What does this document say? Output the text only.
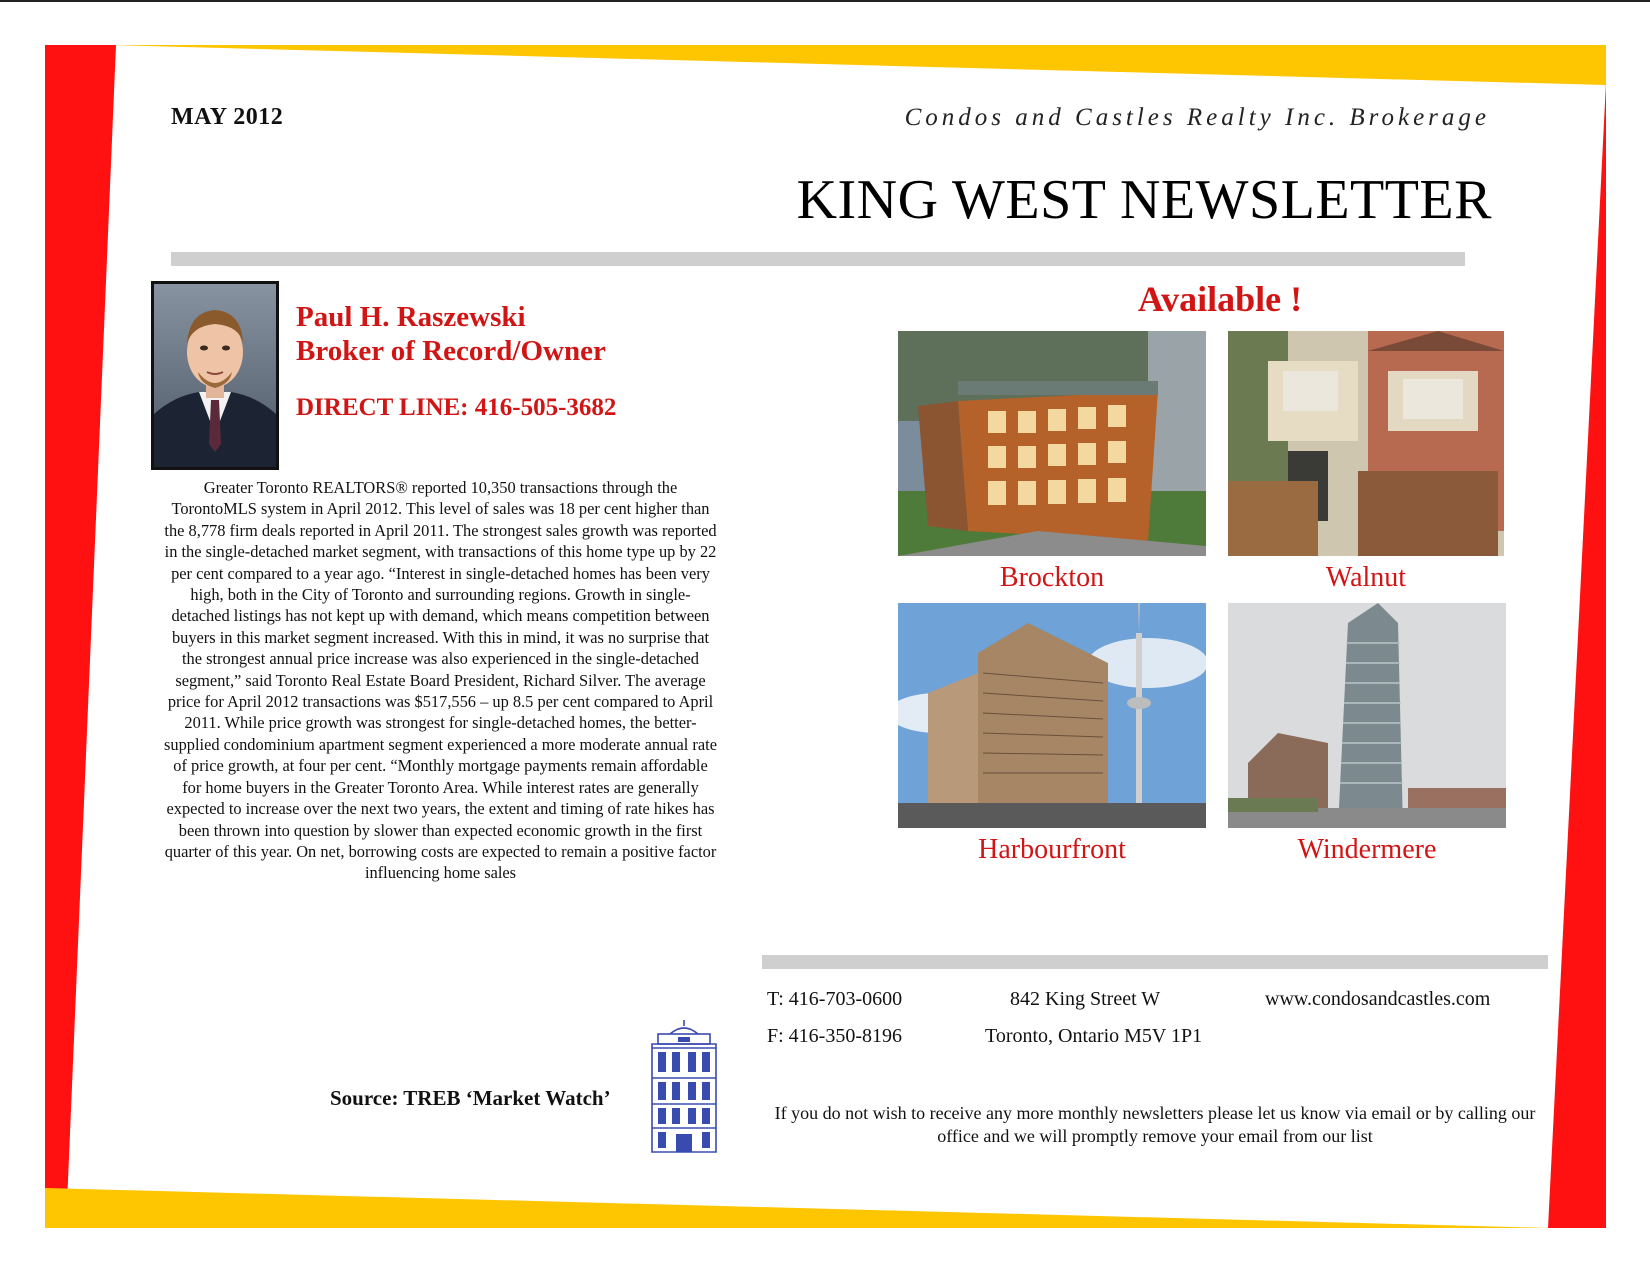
MAY 2012	Condos and Castles Realty Inc. Brokerage
KING WEST NEWSLETTER
Paul H. Raszewski
Broker of Record/Owner
DIRECT LINE: 416-505-3682
Greater Toronto REALTORS® reported 10,350 transactions through the TorontoMLS system in April 2012. This level of sales was 18 per cent higher than the 8,778 firm deals reported in April 2011. The strongest sales growth was reported in the single-detached market segment, with transactions of this home type up by 22 per cent compared to a year ago. “Interest in single-detached homes has been very high, both in the City of Toronto and surrounding regions. Growth in single-detached listings has not kept up with demand, which means competition between buyers in this market segment increased. With this in mind, it was no surprise that the strongest annual price increase was also experienced in the single-detached segment,” said Toronto Real Estate Board President, Richard Silver. The average price for April 2012 transactions was $517,556 – up 8.5 per cent compared to April 2011. While price growth was strongest for single-detached homes, the better-supplied condominium apartment segment experienced a more moderate annual rate of price growth, at four per cent. “Monthly mortgage payments remain affordable for home buyers in the Greater Toronto Area. While interest rates are generally expected to increase over the next two years, the extent and timing of rate hikes has been thrown into question by slower than expected economic growth in the first quarter of this year. On net, borrowing costs are expected to remain a positive factor influencing home sales
Source: TREB ‘Market Watch’
Available !
Brockton	Walnut
Harbourfront	Windermere
T: 416-703-0600
F: 416-350-8196
842 King Street W
Toronto, Ontario M5V 1P1
www.condosandcastles.com
If you do not wish to receive any more monthly newsletters please let us know via email or by calling our office and we will promptly remove your email from our list
